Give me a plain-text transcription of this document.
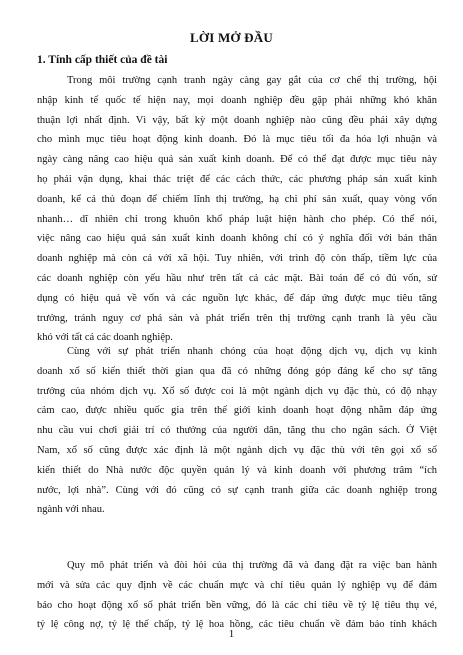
LỜI MỞ ĐẦU
1. Tính cấp thiết của đề tài
Trong môi trường cạnh tranh ngày càng gay gắt của cơ chế thị trường, hội
nhập kinh tế quốc tế hiện nay, mọi doanh nghiệp đều gặp phải những khó khăn
thuận lợi nhất định. Vì vậy, bất kỳ một doanh nghiệp nào cũng đều phải xây dựng
cho mình mục tiêu hoạt động kinh doanh. Đó là mục tiêu tối đa hóa lợi nhuận và
ngày càng nâng cao hiệu quả sản xuất kinh doanh. Để có thể đạt được mục tiêu này
họ phải vận dụng, khai thác triệt để các cách thức, các phương pháp sản xuất kinh
doanh, kể cả thủ đoạn để chiếm lĩnh thị trường, hạ chi phí sản xuất, quay vòng vốn
nhanh… dĩ nhiên chỉ trong khuôn khổ pháp luật hiện hành cho phép. Có thể nói,
việc nâng cao hiệu quả sản xuất kinh doanh không chỉ có ý nghĩa đối với bản thân
doanh nghiệp mà còn cả với xã hội. Tuy nhiên, với trình độ còn thấp, tiềm lực của
các doanh nghiệp còn yếu hầu như trên tất cả các mặt. Bài toán để có đủ vốn, sử
dụng có hiệu quả về vốn và các nguồn lực khác, để đáp ứng được mục tiêu tăng
trưởng, tránh nguy cơ phá sản và phát triển trên thị trường cạnh tranh là yêu cầu
khó với tất cả các doanh nghiệp.
Cùng với sự phát triển nhanh chóng của hoạt động dịch vụ, dịch vụ kinh
doanh xổ số kiến thiết thời gian qua đã có những đóng góp đáng kể cho sự tăng
trưởng của nhóm dịch vụ. Xổ số được coi là một ngành dịch vụ đặc thù, có độ nhạy
cảm cao, được nhiều quốc gia trên thế giới kinh doanh hoạt động nhằm đáp ứng
nhu cầu vui chơi giải trí có thưởng của người dân, tăng thu cho ngân sách. Ở Việt
Nam, xổ số cũng được xác định là một ngành dịch vụ đặc thù với tên gọi xổ số
kiến thiết do Nhà nước độc quyền quản lý và kinh doanh với phương trâm “ích
nước, lợi nhà”. Cùng với đó cũng có sự cạnh tranh giữa các doanh nghiệp trong
ngành với nhau.
Quy mô phát triển và đòi hỏi của thị trường đã và đang đặt ra việc ban hành
mới và sửa các quy định về các chuẩn mực và chỉ tiêu quản lý nghiệp vụ để đảm
bảo cho hoạt động xổ số phát triển bền vững, đó là các chỉ tiêu về tỷ lệ tiêu thụ vé,
tỷ lệ công nợ, tỷ lệ thế chấp, tỷ lệ hoa hồng, các tiêu chuẩn về đảm bảo tính khách
1
